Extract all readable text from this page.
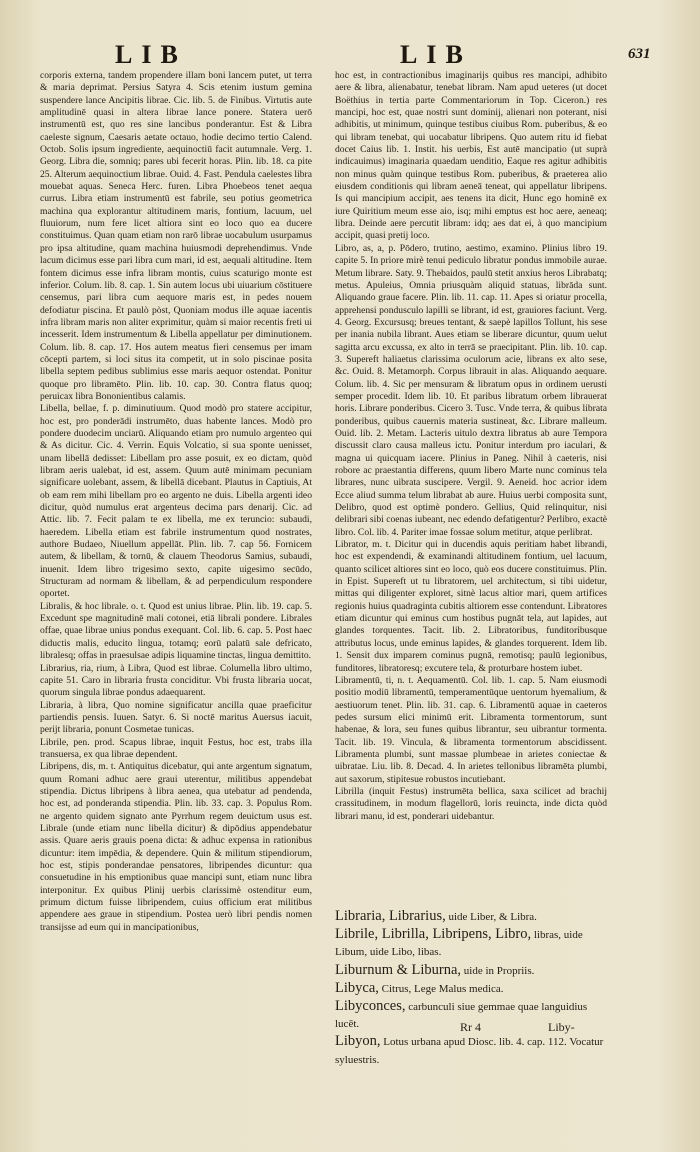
LIB	LIB	631

corporis externa, tandem propendere illam boni lancem putet, ut terra & maria deprimat. Persius Satyra 4. Scis etenim iustum gemina suspendere lance Ancipitis librae. Cic. lib. 5. de Finibus. Virtutis aute amplitudinē quasi in altera librae lance ponere. Statera uerō instrumentū est, quo res sine lancibus ponderantur. Est & Libra caeleste signum, Caesaris aetate octauo, hodie decimo tertio Calend. Octob. Solis ipsum ingrediente, aequinoctiū facit autumnale. Verg. 1. Georg. Libra die, somniq; pares ubi fecerit horas. Plin. lib. 18. ca pite 25. Alterum aequinoctium librae. Ouid. 4. Fast. Pendula caelestes libra mouebat aquas. Seneca Herc. furen. Libra Phoebeos tenet aequa currus. Libra etiam instrumentū est fabrile, seu potius geometrica machina qua explorantur altitudinem maris, fontium, lacuum, uel fluuiorum, num fere licet altiora sint eo loco quo ea ducere constituimus. Quan quam etiam non rarō librae uocabulum usurpamus pro ipsa altitudine, quam machina huiusmodi deprehendimus. Vnde lacum dicimus esse pari libra cum mari, id est, aequali altitudine. Item fontem dicimus esse infra libram montis, cuius scaturigo monte est inferior. Colum. lib. 8. cap. 1. Sin autem locus ubi uiuarium cōstituere censemus, pari libra cum aequore maris est, in pedes nouem defodiatur piscina. Et paulò pòst, Quoniam modus ille aquae iacentis infra libram maris non aliter exprimitur, quàm si maior recentis freti ui incesserit. Idem instrumentum & Libella appellatur per diminutionem. Colum. lib. 8. cap. 17. Hos autem meatus fieri censemus per imam cōcepti partem, si loci situs ita competit, ut in solo piscinae posita libella septem pedibus sublimius esse maris aequor ostendat. Ponitur quoque pro libramēto. Plin. lib. 10. cap. 30. Contra flatus quoq; peruicax libra Bononientibus calamis.

Libella, bellae, f. p. diminutiuum. Quod modò pro statere accipitur, hoc est, pro ponderādi instrumēto, duas habente lances. Modò pro pondere duodecim unciarū. Aliquando etiam pro numulo argenteo qui & As dicitur. Cic. 4. Verrin. Equis Volcatio, si sua sponte uenisset, unam libellā dedisset: Libellam pro asse posuit, ex eo dictam, quòd libram aeris ualebat, id est, assem. Quum autē minimam pecuniam significare uolebant, assem, & libellā dicebant. Plautus in Captiuis, At ob eam rem mihi libellam pro eo argento ne duis. Libella argenti ideo dicitur, quòd numulus erat argenteus decima pars denarij. Cic. ad Attic. lib. 7. Fecit palam te ex libella, me ex teruncio: subaudi, haeredem. Libella etiam est fabrile instrumentum quod nostrates, authore Budaeo, Niuellum appellāt. Plin. lib. 7. cap 56. Fornicem autem, & libellam, & tornū, & clauem Theodorus Samius, subaudi, inuenit. Idem libro trigesimo sexto, capite uigesimo secūdo, Structuram ad normam & libellam, & ad perpendiculum respondere oportet.

Libralis, & hoc librale. o. t. Quod est unius librae. Plin. lib. 19. cap. 5. Excedunt spe magnitudinē mali cotonei, etiā librali pondere. Librales offae, quae librae unius pondus exequant. Col. lib. 6. cap. 5. Post haec diductis malis, educito lingua, totamq; eorū palatū sale defricato, libralesq; offas in praesulsae adipis liquamine tinctas, lingua demittito.

Librarius, ria, rium, à Libra, Quod est librae. Columella libro ultimo, capite 51. Caro in libraria frusta conciditur. Vbi frusta libraria uocat, quorum singula librae pondus adaequarent.

Libraria, à libra, Quo nomine significatur ancilla quae praeficitur partiendis pensis. Iuuen. Satyr. 6. Si noctē maritus Auersus iacuit, perijt libraria, ponunt Cosmetae tunicas.

Librile, pen. prod. Scapus librae, inquit Festus, hoc est, trabs illa transuersa, ex qua librae dependent.

Libripens, dis, m. t. Antiquitus dicebatur, qui ante argentum signatum, quum Romani adhuc aere graui uterentur, militibus appendebat stipendia. Dictus libripens à libra aenea, qua utebatur ad pendenda, hoc est, ad ponderanda stipendia. Plin. lib. 33. cap. 3. Populus Rom. ne argento quidem signato ante Pyrrhum regem deuictum usus est. Librale (unde etiam nunc libella dicitur) & dipōdius appendebatur assis. Quare aeris grauis poena dicta: & adhuc expensa in rationibus dicuntur: item impēdia, & dependere. Quin & militum stipendiorum, hoc est, stipis ponderandae pensatores, libripendes dicuntur: qua consuetudine in his emptionibus quae mancipi sunt, etiam nunc libra interponitur. Ex quibus Plinij uerbis clarissimè ostenditur eum, primum dictum fuisse libripendem, cuius officium erat militibus appendere aes graue in stipendium. Postea uerò libri pendis nomen transijsse ad eum qui in mancipationibus,

hoc est, in contractionibus imaginarijs quibus res mancipi, adhibito aere & libra, alienabatur, tenebat libram. Nam apud ueteres (ut docet Boëthius in tertia parte Commentariorum in Top. Ciceron.) res mancipi, hoc est, quae nostri sunt dominij, alienari non poterant, nisi adhibitis, ut minimum, quinque testibus ciuibus Rom. puberibus, & eo qui libram tenebat, qui uocabatur libripens. Quo autem ritu id fiebat docet Caius lib. 1. Instit. his uerbis, Est autē mancipatio (ut suprà indicauimus) imaginaria quaedam uenditio, Eaque res agitur adhibitis non minus quàm quinque testibus Rom. puberibus, & praeterea alio eiusdem conditionis qui libram aeneā teneat, qui appellatur libripens. Is qui mancipium accipit, aes tenens ita dicit, Hunc ego hominē ex iure Quiritium meum esse aio, isq; mihi emptus est hoc aere, aeneaq; libra. Deinde aere percutit libram: idq; aes dat ei, à quo mancipium accipit, quasi pretij loco.

Libro, as, a, p. Pōdero, trutino, aestimo, examino. Plinius libro 19. capite 5. In priore mirè tenui pediculo libratur pondus immobile aurae. Metum librare. Saty. 9. Thebaidos, paulū stetit anxius heros Librabatq; metus. Apuleius, Omnia priusquàm aliquid statuas, librāda sunt. Aliquando graue facere. Plin. lib. 11. cap. 11. Apes si oriatur procella, apprehensi pondusculo lapilli se librant, id est, grauiores faciunt. Verg. 4. Georg. Excursusq; breues tentant, & saepè lapillos Tollunt, his sese per inania nubila librant. Aues etiam se liberare dicuntur, quum uelut sagitta arcu excussa, ex alto in terrā se praecipitant. Plin. lib. 10. cap. 3. Supereft haliaetus clarissima oculorum acie, librans ex alto sese, &c. Ouid. 8. Metamorph. Corpus librauit in alas. Aliquando aequare. Colum. lib. 4. Sic per mensuram & libratum opus in ordinem uerusti semper procedit. Idem lib. 10. Et paribus libratum orbem librauerat horis. Librare ponderibus. Cicero 3. Tusc. Vnde terra, & quibus librata ponderibus, quibus cauernis materia sustineat, &c. Librare malleum. Ouid. lib. 2. Metam. Lacteris uitulo dextra libratus ab aure Tempora discussit claro causa malleus ictu. Ponitur interdum pro iaculari, & magna ui quicquam iacere. Plinius in Paneg. Nihil à caeteris, nisi robore ac praestantia differens, quum libero Marte nunc cominus tela librares, nunc uibrata suscipere. Vergil. 9. Aeneid. hoc acrior idem Ecce aliud summa telum librabat ab aure. Huius uerbi composita sunt, Delibro, quod est optimè pondero. Gellius, Quid relinquitur, nisi delibrari sibi coenas iubeant, nec edendo defatigentur? Perlibro, exactè libro. Col. lib. 4. Pariter imae fossae solum metitur, atque perlibrat.

Librator, m. t. Dicitur qui in ducendis aquis peritiam habet librandi, hoc est expendendi, & examinandi altitudinem fontium, uel lacuum, quanto scilicet altiores sint eo loco, quò eos ducere constituimus. Plin. in Epist. Supereft ut tu libratorem, uel architectum, si tibi uidetur, mittas qui diligenter exploret, sitnè lacus altior mari, quem artifices regionis huius quadraginta cubitis altiorem esse contendunt. Libratores etiam dicuntur qui eminus cum hostibus pugnāt tela, aut lapides, aut glandes torquentes. Tacit. lib. 2. Libratoribus, funditoribusque attributus locus, unde eminus lapides, & glandes torquerent. Idem lib. 1. Sensit dux imparem cominus pugnā, remotisq; paulū legionibus, funditores, libratoresq; excutere tela, & proturbare hostem iubet.

Libramentū, ti, n. t. Aequamentū. Col. lib. 1. cap. 5. Nam eiusmodi positio modiū libramentū, temperamentūque uentorum hyemalium, & aestiuorum tenet. Plin. lib. 31. cap. 6. Libramentū aquae in caeteros pedes sursum elici minimū erit. Libramenta tormentorum, sunt habenae, & lora, seu funes quibus librantur, seu uibrantur tormenta. Tacit. lib. 19. Vincula, & libramenta tormentorum abscidissent. Libramenta plumbi, sunt massae plumbeae in arietes coniectae & uibratae. Liu. lib. 8. Decad. 4. In arietes tellonibus libramēta plumbi, aut saxorum, stipitesue robustos incutiebant.

Librilla (inquit Festus) instrumēta bellica, saxa scilicet ad brachij crassitudinem, in modum flagellorū, loris reuincta, inde dicta quòd librari manu, id est, ponderari uidebantur.

Libraria, Librarius, uide Liber, & Libra.

Librile, Librilla, Libripens, Libro, libras, uide Libum, uide Libo, libas.

Liburnum & Liburna, uide in Propriis.

Libyca, Citrus, Lege Malus medica.

Libyconces, carbunculi siue gemmae quae languidius lucēt.

Libyon, Lotus urbana apud Diosc. lib. 4. cap. 112. Vocatur syluestris.

Rr 4	Liby-
